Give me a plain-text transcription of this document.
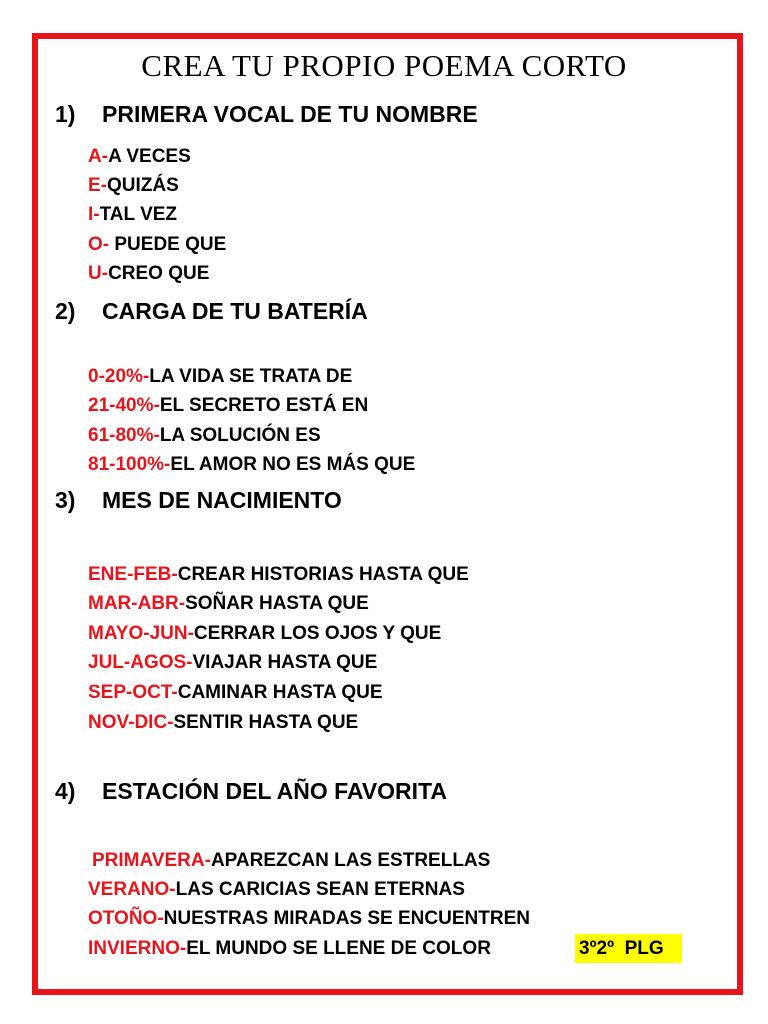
CREA TU PROPIO POEMA CORTO
1) PRIMERA VOCAL DE TU NOMBRE
A-A VECES
E-QUIZÁS
I-TAL VEZ
O- PUEDE QUE
U-CREO QUE
2) CARGA DE TU BATERÍA
0-20%-LA VIDA SE TRATA DE
21-40%-EL SECRETO ESTÁ EN
61-80%-LA SOLUCIÓN ES
81-100%-EL AMOR NO ES MÁS QUE
3) MES DE NACIMIENTO
ENE-FEB-CREAR HISTORIAS HASTA QUE
MAR-ABR-SOÑAR HASTA QUE
MAYO-JUN-CERRAR LOS OJOS Y QUE
JUL-AGOS-VIAJAR HASTA QUE
SEP-OCT-CAMINAR HASTA QUE
NOV-DIC-SENTIR HASTA QUE
4) ESTACIÓN DEL AÑO FAVORITA
PRIMAVERA-APAREZCAN LAS ESTRELLAS
VERANO-LAS CARICIAS SEAN ETERNAS
OTOÑO-NUESTRAS MIRADAS SE ENCUENTREN
INVIERNO-EL MUNDO SE LLENE DE COLOR	3º2º  PLG
